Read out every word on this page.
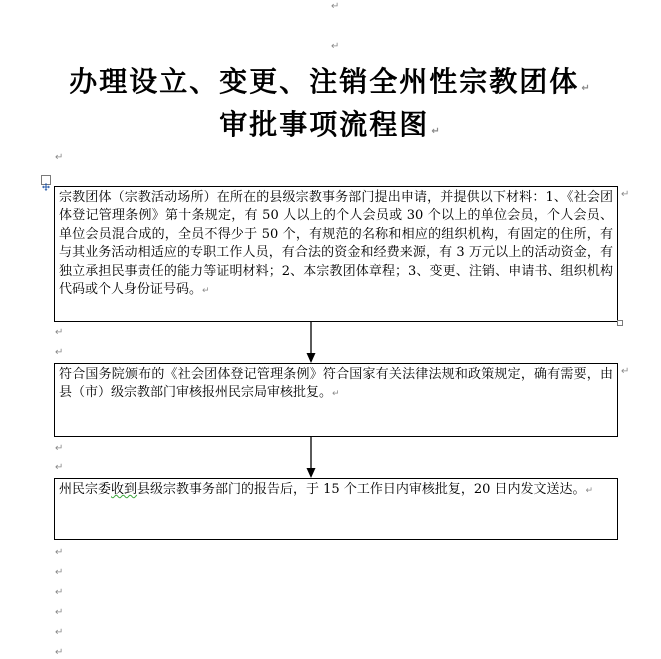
↵
↵
办理设立、变更、注销全州性宗教团体 ↵
审批事项流程图 ↵
↵
宗教团体（宗教活动场所）在所在的县级宗教事务部门提出申请，并提供以下材料：1、《社会团体登记管理条例》第十条规定，有 50 人以上的个人会员或 30 个以上的单位会员，个人会员、单位会员混合成的，全员不得少于 50 个，有规范的名称和相应的组织机构，有固定的住所，有与其业务活动相适应的专职工作人员，有合法的资金和经费来源，有 3 万元以上的活动资金，有独立承担民事责任的能力等证明材料；2、本宗教团体章程；3、变更、注销、申请书、组织机构代码或个人身份证号码。↵
↵
↵
↵
符合国务院颁布的《社会团体登记管理条例》符合国家有关法律法规和政策规定，确有需要，由县（市）级宗教部门审核报州民宗局审核批复。↵
↵
↵
↵
州民宗委收到县级宗教事务部门的报告后，于 15 个工作日内审核批复，20 日内发文送达。↵
↵
↵
↵
↵
↵
↵
